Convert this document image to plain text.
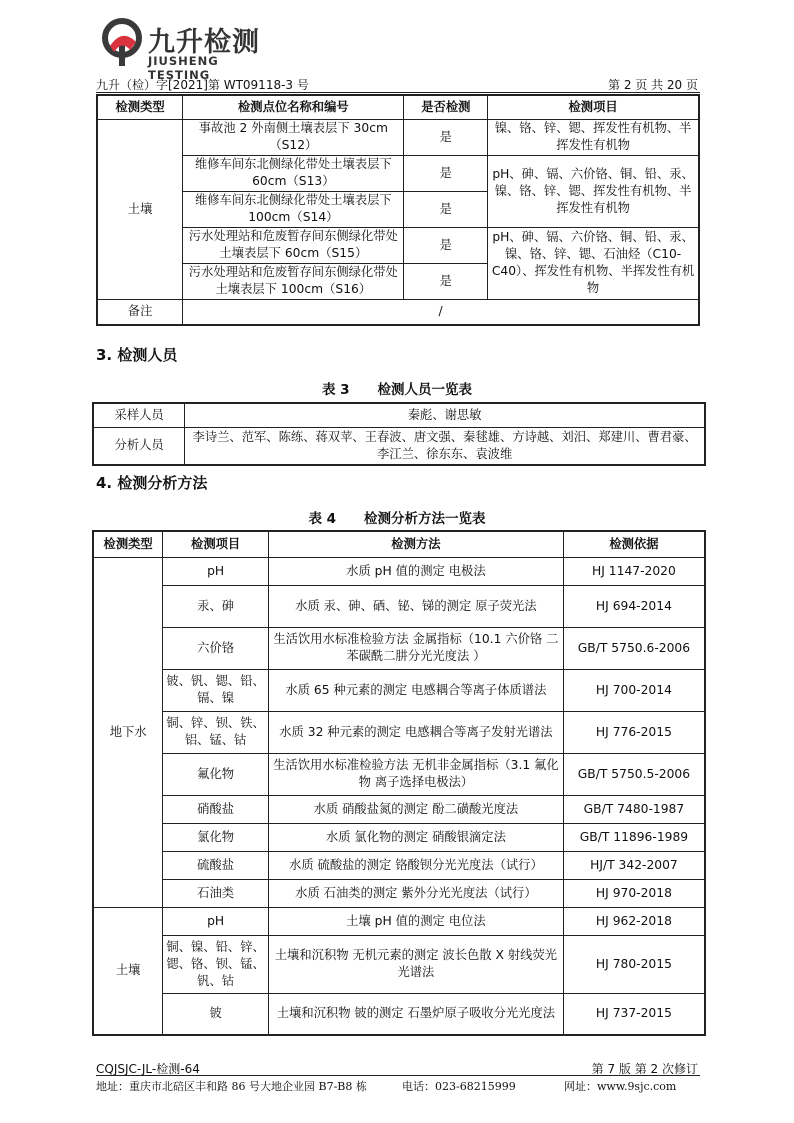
九升检测
JIUSHENG TESTING
九升（检）字[2021]第 WT09118-3 号	第 2 页 共 20 页
检测类型	检测点位名称和编号	是否检测	检测项目
土壤	事故池 2 外南侧土壤表层下 30cm（S12）	是	镍、铬、锌、锶、挥发性有机物、半挥发性有机物
	维修车间东北侧绿化带处土壤表层下 60cm（S13）	是	pH、砷、镉、六价铬、铜、铅、汞、镍、铬、锌、锶、挥发性有机物、半挥发性有机物
	维修车间东北侧绿化带处土壤表层下 100cm（S14）	是	
	污水处理站和危废暂存间东侧绿化带处土壤表层下 60cm（S15）	是	pH、砷、镉、六价铬、铜、铅、汞、镍、铬、锌、锶、石油烃（C10-C40）、挥发性有机物、半挥发性有机物
	污水处理站和危废暂存间东侧绿化带处土壤表层下 100cm（S16）	是	
备注	/		
3. 检测人员
表 3 检测人员一览表
采样人员	秦彪、谢思敏
分析人员	李诗兰、范军、陈练、蒋双苹、王春波、唐文强、秦毬雄、方诗越、刘汨、郑建川、曹君豪、李江兰、徐东东、袁波维
4. 检测分析方法
表 4 检测分析方法一览表
检测类型	检测项目	检测方法	检测依据
地下水	pH	水质 pH 值的测定 电极法	HJ 1147-2020
	汞、砷	水质 汞、砷、硒、铋、锑的测定 原子荧光法	HJ 694-2014
	六价铬	生活饮用水标准检验方法 金属指标（10.1 六价铬 二苯碳酰二肼分光光度法 ）	GB/T 5750.6-2006
	铍、钒、锶、铅、镉、镍	水质 65 种元素的测定 电感耦合等离子体质谱法	HJ 700-2014
	铜、锌、钡、铁、铝、锰、钴	水质 32 种元素的测定 电感耦合等离子发射光谱法	HJ 776-2015
	氟化物	生活饮用水标准检验方法 无机非金属指标（3.1 氟化物 离子选择电极法）	GB/T 5750.5-2006
	硝酸盐	水质 硝酸盐氮的测定 酚二磺酸光度法	GB/T 7480-1987
	氯化物	水质 氯化物的测定 硝酸银滴定法	GB/T 11896-1989
	硫酸盐	水质 硫酸盐的测定 铬酸钡分光光度法（试行）	HJ/T 342-2007
	石油类	水质 石油类的测定 紫外分光光度法（试行）	HJ 970-2018
土壤	pH	土壤 pH 值的测定 电位法	HJ 962-2018
	铜、镍、铅、锌、锶、铬、钡、锰、钒、钴	土壤和沉积物 无机元素的测定 波长色散 X 射线荧光光谱法	HJ 780-2015
	铍	土壤和沉积物 铍的测定 石墨炉原子吸收分光光度法	HJ 737-2015
CQJSJC-JL-检测-64	第 7 版 第 2 次修订
地址：重庆市北碚区丰和路 86 号大地企业园 B7-B8 栋	电话：023-68215999	网址：www.9sjc.com
